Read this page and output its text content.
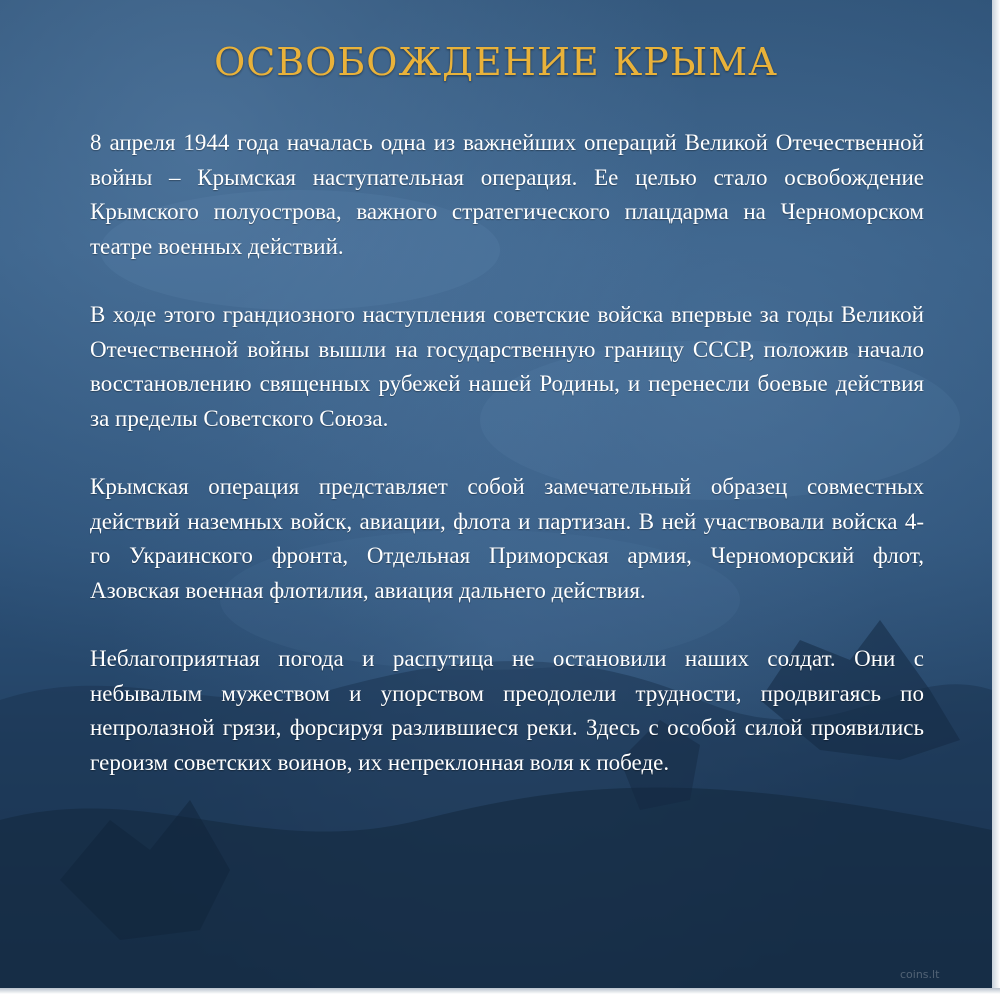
ОСВОБОЖДЕНИЕ КРЫМА

8 апреля 1944 года началась одна из важнейших операций Великой Отечественной войны – Крымская наступательная операция. Ее целью стало освобождение Крымского полуострова, важного стратегического плацдарма на Черноморском театре военных действий.

В ходе этого грандиозного наступления советские войска впервые за годы Великой Отечественной войны вышли на государственную границу СССР, положив начало восстановлению священных рубежей нашей Родины, и перенесли боевые действия за пределы Советского Союза.

Крымская операция представляет собой замечательный образец совместных действий наземных войск, авиации, флота и партизан. В ней участвовали войска 4-го Украинского фронта, Отдельная Приморская армия, Черноморский флот, Азовская военная флотилия, авиация дальнего действия.

Неблагоприятная погода и распутица не остановили наших солдат. Они с небывалым мужеством и упорством преодолели трудности, продвигаясь по непролазной грязи, форсируя разлившиеся реки. Здесь с особой силой проявились героизм советских воинов, их непреклонная воля к победе.

coins.lt
